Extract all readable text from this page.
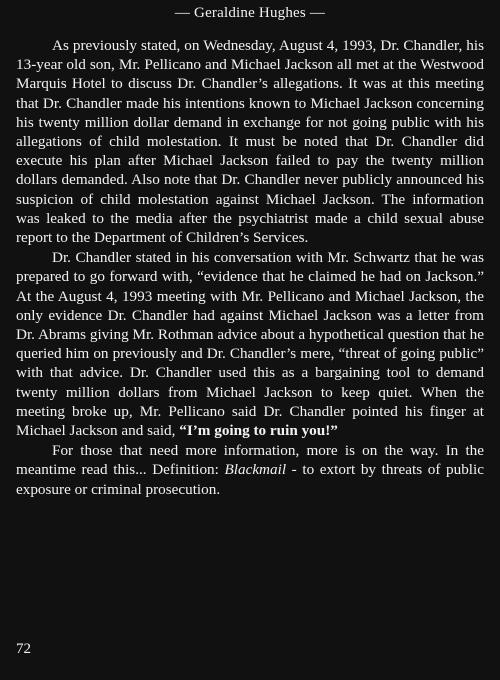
— Geraldine Hughes —

As previously stated, on Wednesday, August 4, 1993, Dr. Chandler, his 13-year old son, Mr. Pellicano and Michael Jackson all met at the Westwood Marquis Hotel to discuss Dr. Chandler’s allegations. It was at this meeting that Dr. Chandler made his intentions known to Michael Jackson concerning his twenty million dollar demand in exchange for not going public with his allegations of child molestation. It must be noted that Dr. Chandler did execute his plan after Michael Jackson failed to pay the twenty million dollars demanded. Also note that Dr. Chandler never publicly announced his suspicion of child molestation against Michael Jackson. The information was leaked to the media after the psychiatrist made a child sexual abuse report to the Department of Children’s Services.

Dr. Chandler stated in his conversation with Mr. Schwartz that he was prepared to go forward with, “evidence that he claimed he had on Jackson.” At the August 4, 1993 meeting with Mr. Pellicano and Michael Jackson, the only evidence Dr. Chandler had against Michael Jackson was a letter from Dr. Abrams giving Mr. Rothman advice about a hypothetical question that he queried him on previously and Dr. Chandler’s mere, “threat of going public” with that advice. Dr. Chandler used this as a bargaining tool to demand twenty million dollars from Michael Jackson to keep quiet. When the meeting broke up, Mr. Pellicano said Dr. Chandler pointed his finger at Michael Jackson and said, “I’m going to ruin you!”

For those that need more information, more is on the way. In the meantime read this... Definition: Blackmail - to extort by threats of public exposure or criminal prosecution.

72
